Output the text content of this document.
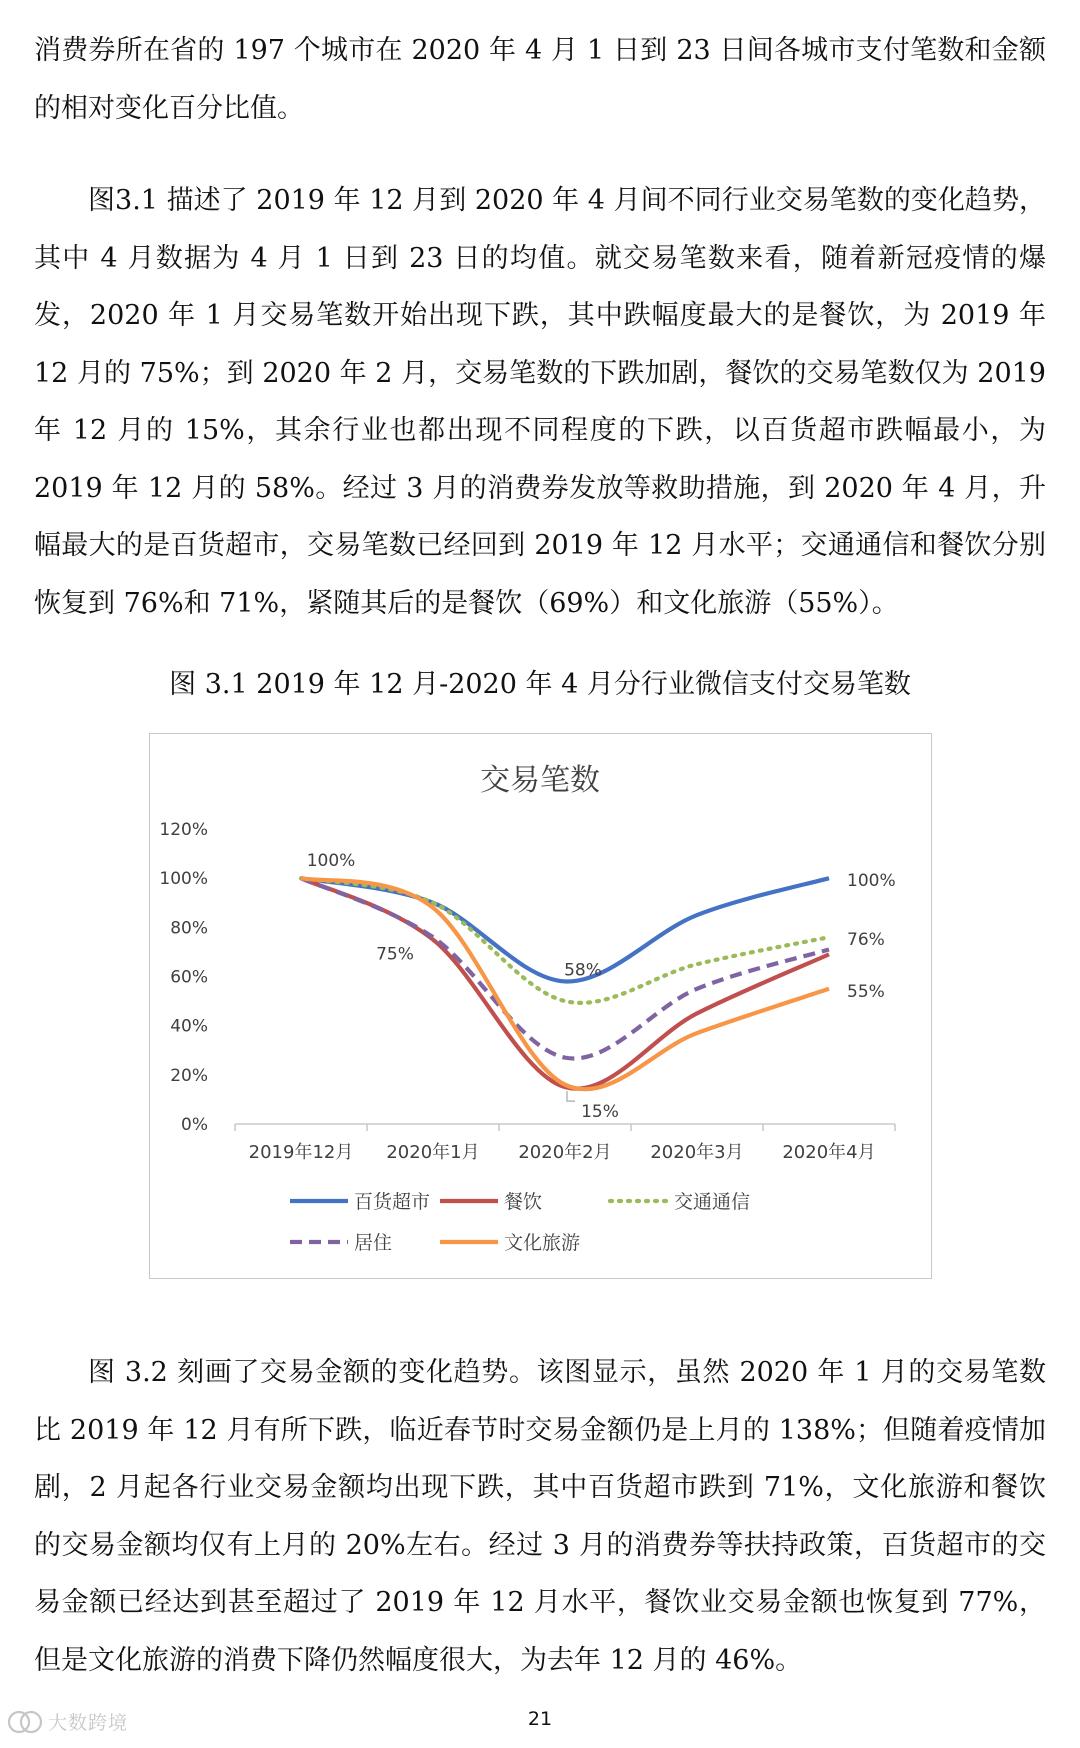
消费券所在省的 197 个城市在 2020 年 4 月 1 日到 23 日间各城市支付笔数和金额的相对变化百分比值。

图3.1 描述了 2019 年 12 月到 2020 年 4 月间不同行业交易笔数的变化趋势，其中 4 月数据为 4 月 1 日到 23 日的均值。就交易笔数来看，随着新冠疫情的爆发，2020 年 1 月交易笔数开始出现下跌，其中跌幅度最大的是餐饮，为 2019 年 12 月的 75%；到 2020 年 2 月，交易笔数的下跌加剧，餐饮的交易笔数仅为 2019 年 12 月的 15%，其余行业也都出现不同程度的下跌，以百货超市跌幅最小，为 2019 年 12 月的 58%。经过 3 月的消费券发放等救助措施，到 2020 年 4 月，升幅最大的是百货超市，交易笔数已经回到 2019 年 12 月水平；交通通信和餐饮分别恢复到 76%和 71%，紧随其后的是餐饮（69%）和文化旅游（55%）。

图 3.1 2019 年 12 月-2020 年 4 月分行业微信支付交易笔数
交易笔数
0%
20%
40%
60%
80%
100%
120%
2019年12月 2020年1月 2020年2月 2020年3月 2020年4月
100%
75%
58%
15%
100%
76%
55%
百货超市	餐饮	交通通信
居住	文化旅游

图 3.2 刻画了交易金额的变化趋势。该图显示，虽然 2020 年 1 月的交易笔数比 2019 年 12 月有所下跌，临近春节时交易金额仍是上月的 138%；但随着疫情加剧，2 月起各行业交易金额均出现下跌，其中百货超市跌到 71%，文化旅游和餐饮的交易金额均仅有上月的 20%左右。经过 3 月的消费券等扶持政策，百货超市的交易金额已经达到甚至超过了 2019 年 12 月水平，餐饮业交易金额也恢复到 77%，但是文化旅游的消费下降仍然幅度很大，为去年 12 月的 46%。

21
大数跨境
